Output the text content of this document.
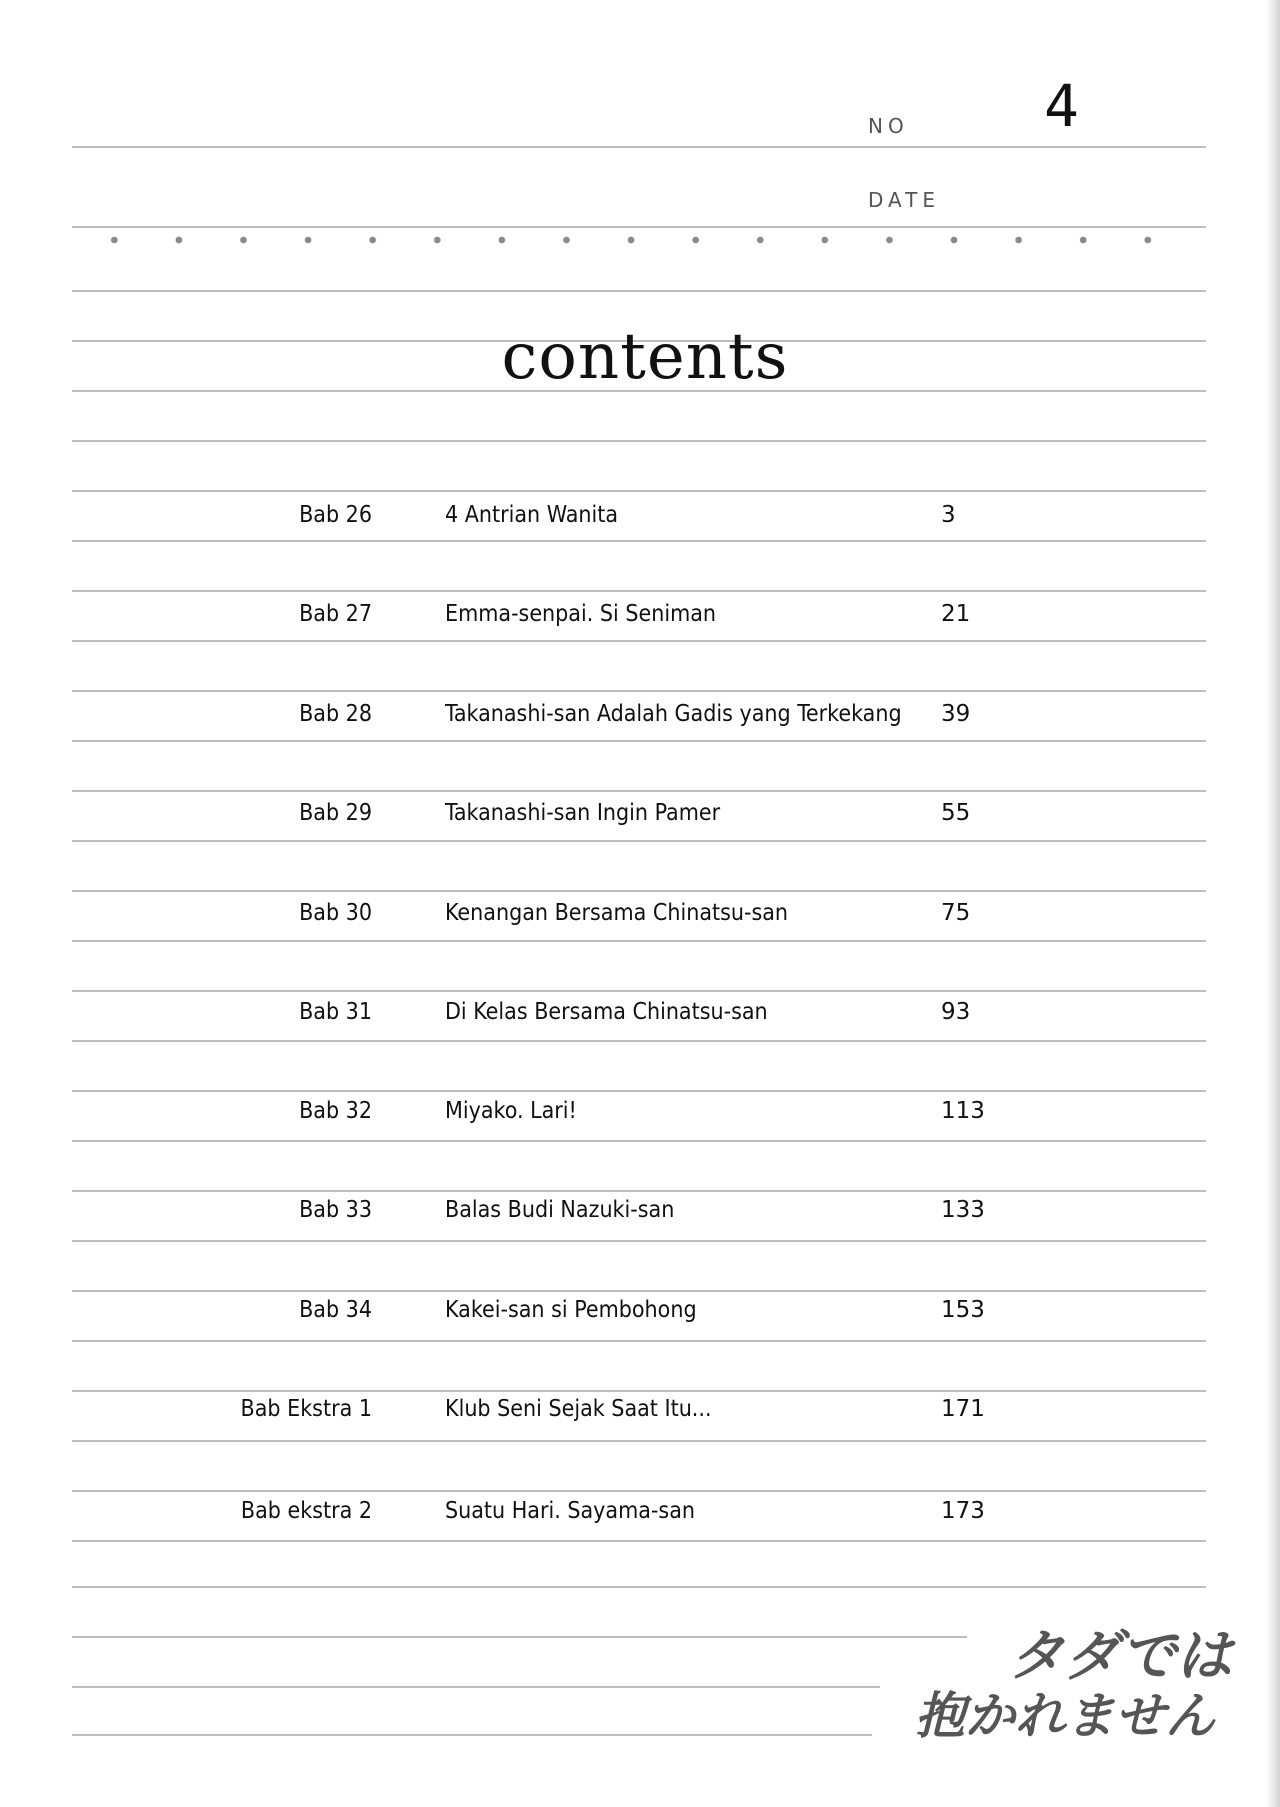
NO 4
DATE
contents
Bab 26	4 Antrian Wanita	3
Bab 27	Emma-senpai. Si Seniman	21
Bab 28	Takanashi-san Adalah Gadis yang Terkekang 39
Bab 29	Takanashi-san Ingin Pamer	55
Bab 30	Kenangan Bersama Chinatsu-san	75
Bab 31	Di Kelas Bersama Chinatsu-san	93
Bab 32	Miyako. Lari!	113
Bab 33	Balas Budi Nazuki-san	133
Bab 34	Kakei-san si Pembohong	153
Bab Ekstra 1	Klub Seni Sejak Saat Itu...	171
Bab ekstra 2	Suatu Hari. Sayama-san	173
タダでは
抱かれません
